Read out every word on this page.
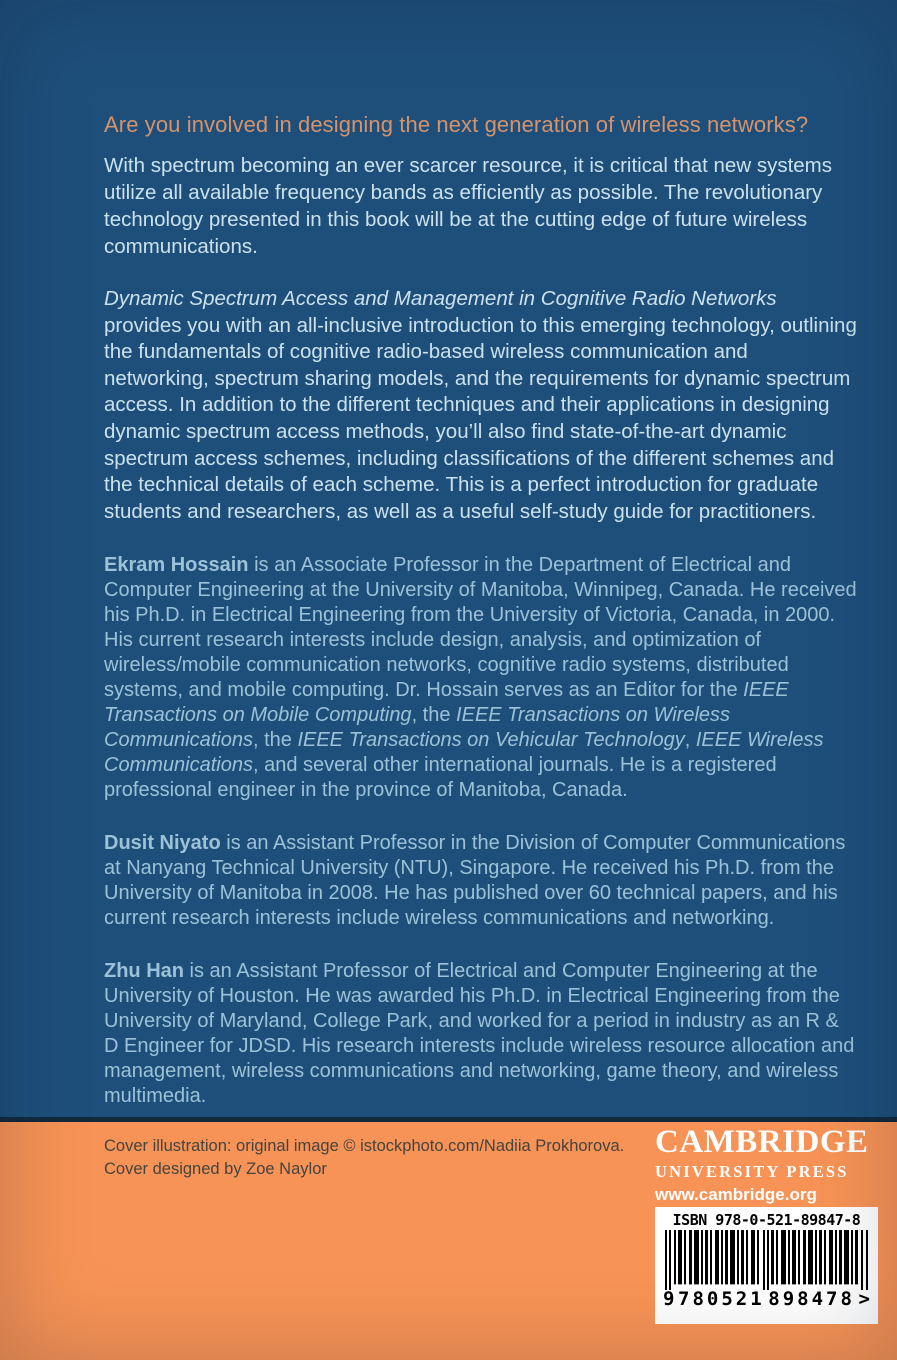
Are you involved in designing the next generation of wireless networks?

With spectrum becoming an ever scarcer resource, it is critical that new systems utilize all available frequency bands as efficiently as possible. The revolutionary technology presented in this book will be at the cutting edge of future wireless communications.

Dynamic Spectrum Access and Management in Cognitive Radio Networks provides you with an all-inclusive introduction to this emerging technology, outlining the fundamentals of cognitive radio-based wireless communication and networking, spectrum sharing models, and the requirements for dynamic spectrum access. In addition to the different techniques and their applications in designing dynamic spectrum access methods, you’ll also find state-of-the-art dynamic spectrum access schemes, including classifications of the different schemes and the technical details of each scheme. This is a perfect introduction for graduate students and researchers, as well as a useful self-study guide for practitioners.

Ekram Hossain is an Associate Professor in the Department of Electrical and Computer Engineering at the University of Manitoba, Winnipeg, Canada. He received his Ph.D. in Electrical Engineering from the University of Victoria, Canada, in 2000. His current research interests include design, analysis, and optimization of wireless/mobile communication networks, cognitive radio systems, distributed systems, and mobile computing. Dr. Hossain serves as an Editor for the IEEE Transactions on Mobile Computing, the IEEE Transactions on Wireless Communications, the IEEE Transactions on Vehicular Technology, IEEE Wireless Communications, and several other international journals. He is a registered professional engineer in the province of Manitoba, Canada.

Dusit Niyato is an Assistant Professor in the Division of Computer Communications at Nanyang Technical University (NTU), Singapore. He received his Ph.D. from the University of Manitoba in 2008. He has published over 60 technical papers, and his current research interests include wireless communications and networking.

Zhu Han is an Assistant Professor of Electrical and Computer Engineering at the University of Houston. He was awarded his Ph.D. in Electrical Engineering from the University of Maryland, College Park, and worked for a period in industry as an R & D Engineer for JDSD. His research interests include wireless resource allocation and management, wireless communications and networking, game theory, and wireless multimedia.

Cover illustration: original image © istockphoto.com/Nadiia Prokhorova.
Cover designed by Zoe Naylor
CAMBRIDGE
UNIVERSITY PRESS
www.cambridge.org
ISBN 978-0-521-89847-8
9 780521 898478 >
